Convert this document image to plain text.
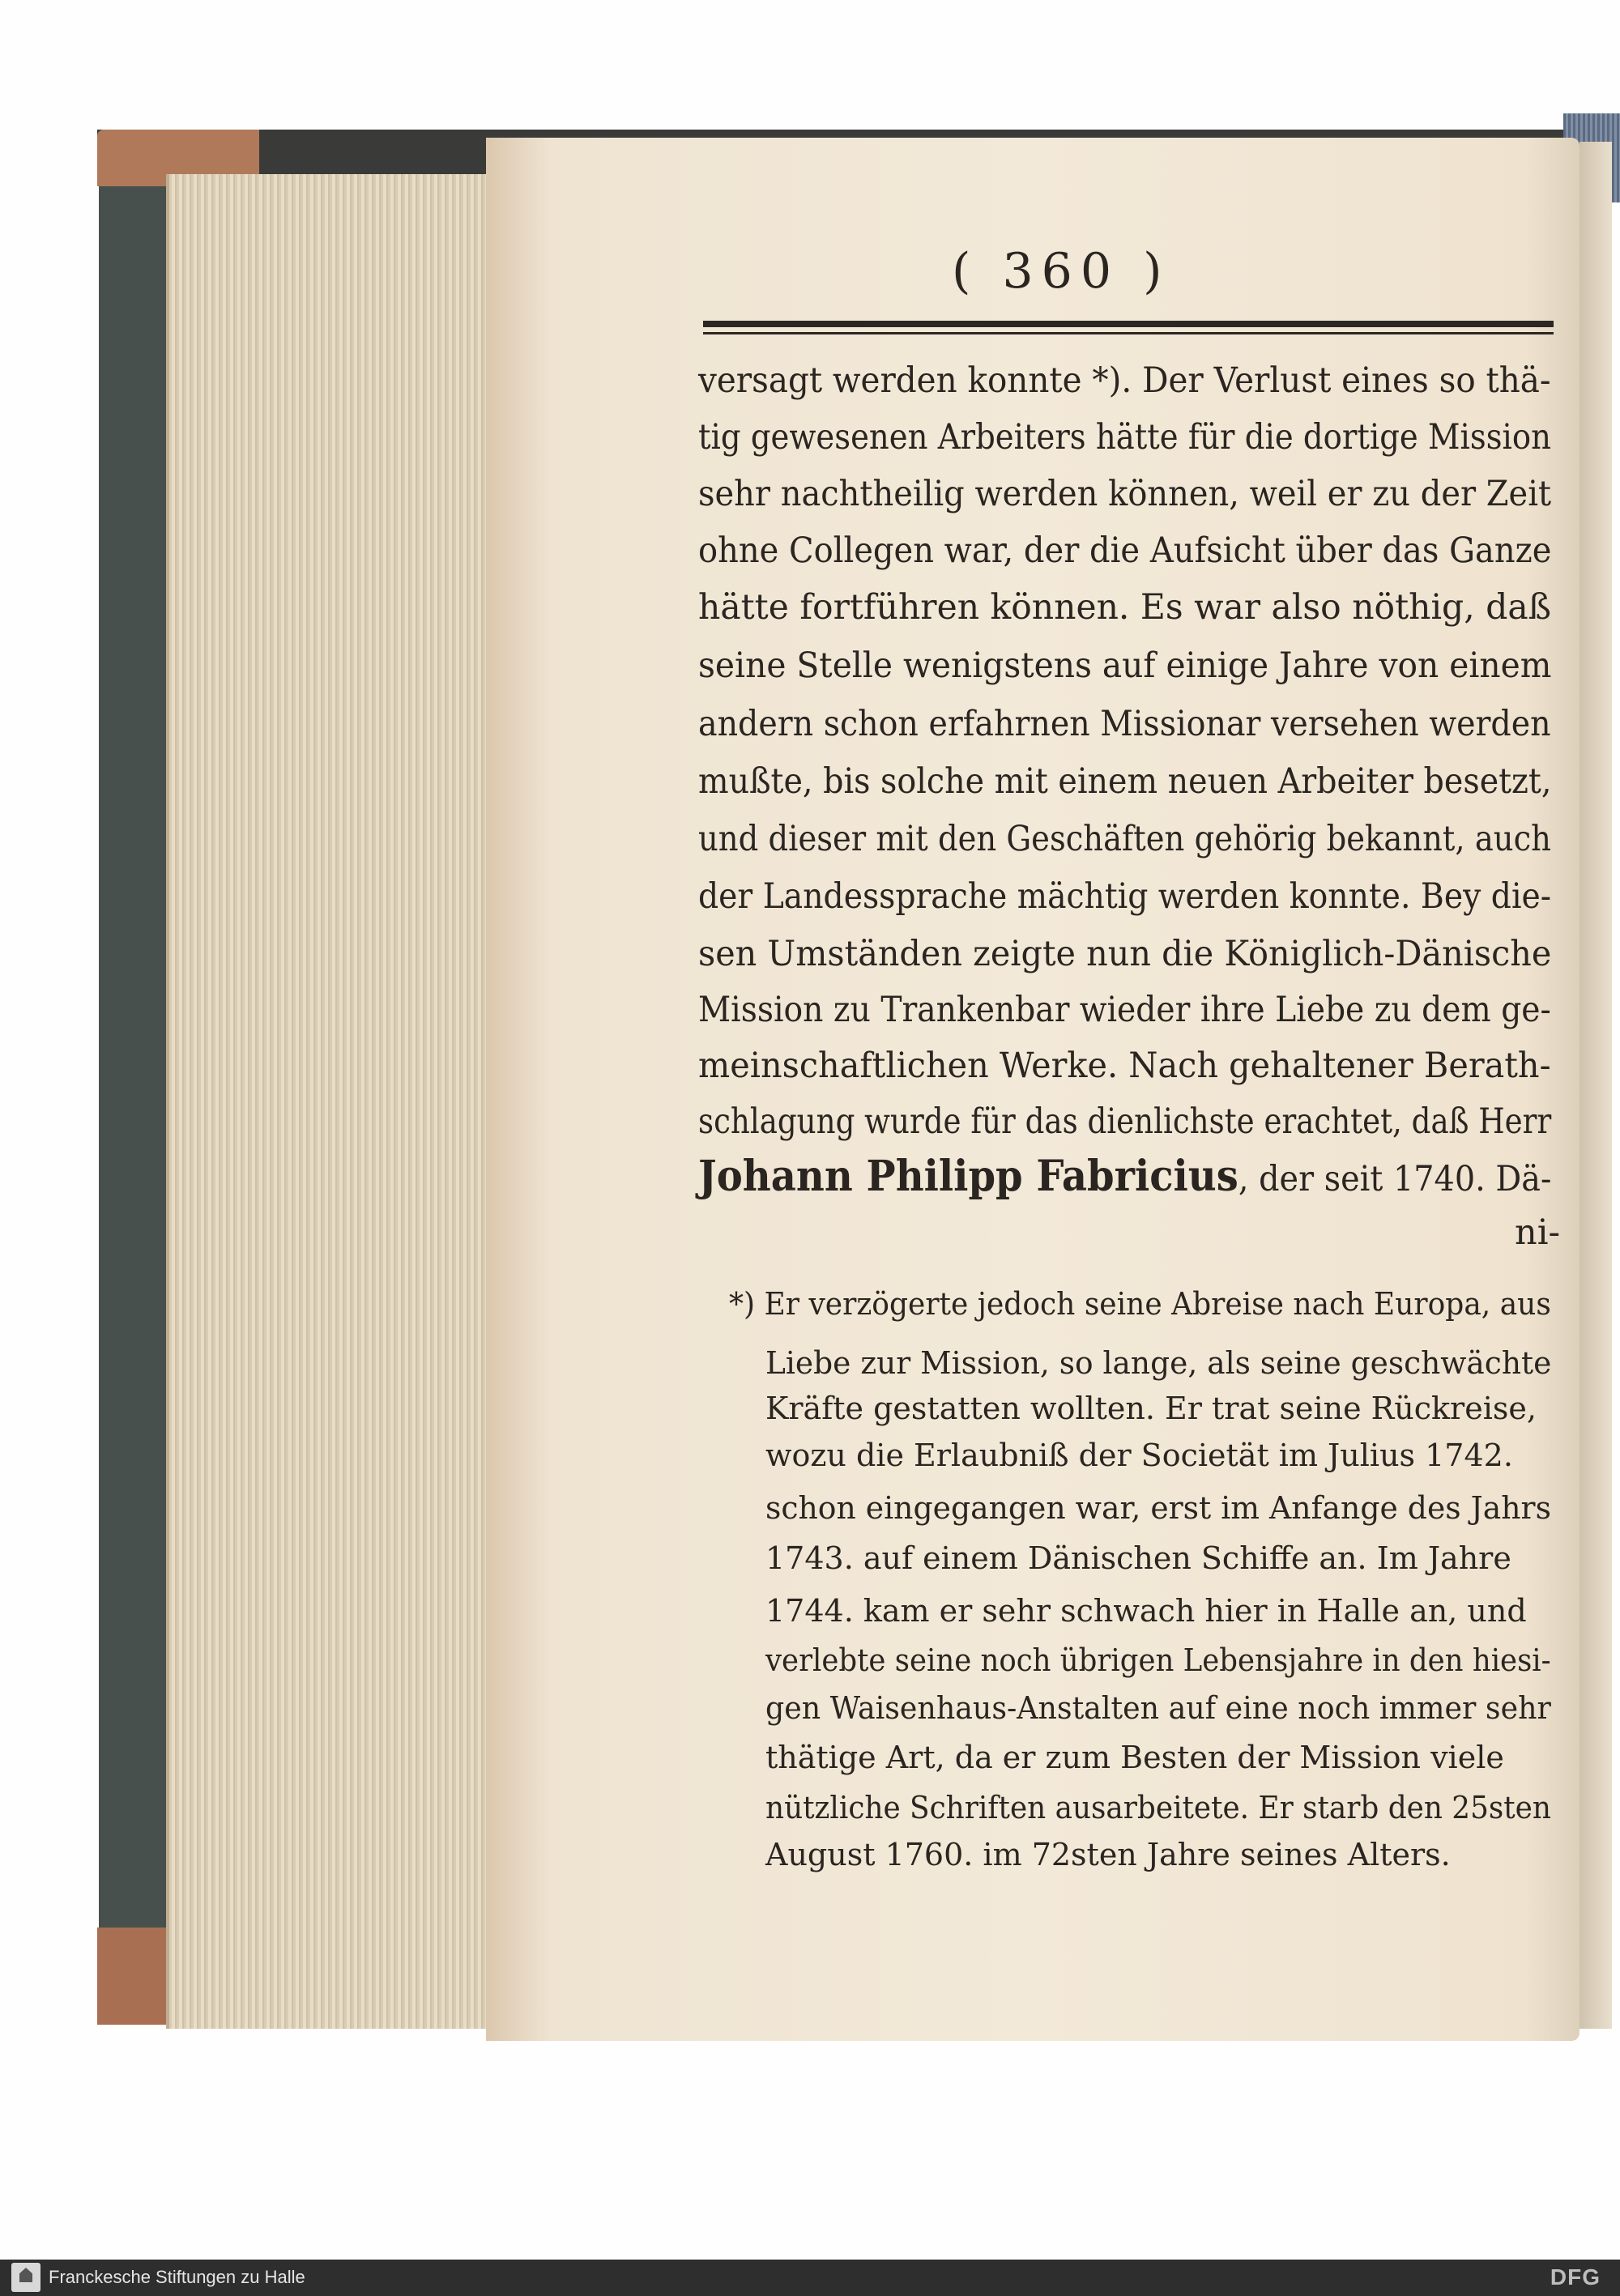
( 360 )
versagt werden konnte *). Der Verlust eines so thä-
tig gewesenen Arbeiters hätte für die dortige Mission
sehr nachtheilig werden können, weil er zu der Zeit
ohne Collegen war, der die Aufsicht über das Ganze
hätte fortführen können. Es war also nöthig, daß
seine Stelle wenigstens auf einige Jahre von einem
andern schon erfahrnen Missionar versehen werden
mußte, bis solche mit einem neuen Arbeiter besetzt,
und dieser mit den Geschäften gehörig bekannt, auch
der Landessprache mächtig werden konnte. Bey die-
sen Umständen zeigte nun die Königlich-Dänische
Mission zu Trankenbar wieder ihre Liebe zu dem ge-
meinschaftlichen Werke. Nach gehaltener Berath-
schlagung wurde für das dienlichste erachtet, daß Herr
Johann Philipp Fabricius, der seit 1740. Dä-
ni-
*) Er verzögerte jedoch seine Abreise nach Europa, aus
Liebe zur Mission, so lange, als seine geschwächte
Kräfte gestatten wollten. Er trat seine Rückreise,
wozu die Erlaubniß der Societät im Julius 1742.
schon eingegangen war, erst im Anfange des Jahrs
1743. auf einem Dänischen Schiffe an. Im Jahre
1744. kam er sehr schwach hier in Halle an, und
verlebte seine noch übrigen Lebensjahre in den hiesi-
gen Waisenhaus-Anstalten auf eine noch immer sehr
thätige Art, da er zum Besten der Mission viele
nützliche Schriften ausarbeitete. Er starb den 25sten
August 1760. im 72sten Jahre seines Alters.
Franckesche Stiftungen zu Halle	DFG
